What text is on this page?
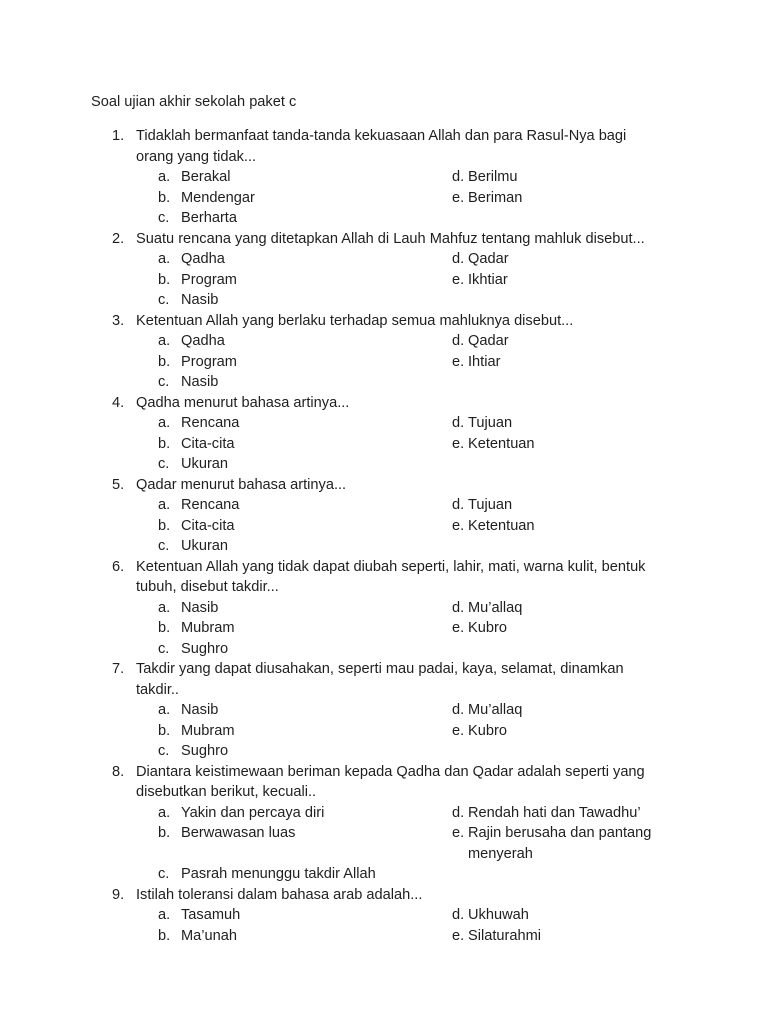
Soal ujian akhir sekolah paket c
1. Tidaklah bermanfaat tanda-tanda kekuasaan Allah dan para Rasul-Nya bagi orang yang tidak...
a. Berakal	d. Berilmu
b. Mendengar	e. Beriman
c. Berharta
2. Suatu rencana yang ditetapkan Allah di Lauh Mahfuz tentang mahluk disebut...
a. Qadha	d. Qadar
b. Program	e. Ikhtiar
c. Nasib
3. Ketentuan Allah yang berlaku terhadap semua mahluknya disebut...
a. Qadha	d. Qadar
b. Program	e. Ihtiar
c. Nasib
4. Qadha menurut bahasa artinya...
a. Rencana	d. Tujuan
b. Cita-cita	e. Ketentuan
c. Ukuran
5. Qadar menurut bahasa artinya...
a. Rencana	d. Tujuan
b. Cita-cita	e. Ketentuan
c. Ukuran
6. Ketentuan Allah yang tidak dapat diubah seperti, lahir, mati, warna kulit, bentuk tubuh, disebut takdir...
a. Nasib	d. Mu’allaq
b. Mubram	e. Kubro
c. Sughro
7. Takdir yang dapat diusahakan, seperti mau padai, kaya, selamat, dinamkan takdir..
a. Nasib	d. Mu’allaq
b. Mubram	e. Kubro
c. Sughro
8. Diantara keistimewaan beriman kepada Qadha dan Qadar adalah seperti yang disebutkan berikut, kecuali..
a. Yakin dan percaya diri	d. Rendah hati dan Tawadhu’
b. Berwawasan luas	e. Rajin berusaha dan pantang menyerah
c. Pasrah menunggu takdir Allah
9. Istilah toleransi dalam bahasa arab adalah...
a. Tasamuh	d. Ukhuwah
b. Ma’unah	e. Silaturahmi
